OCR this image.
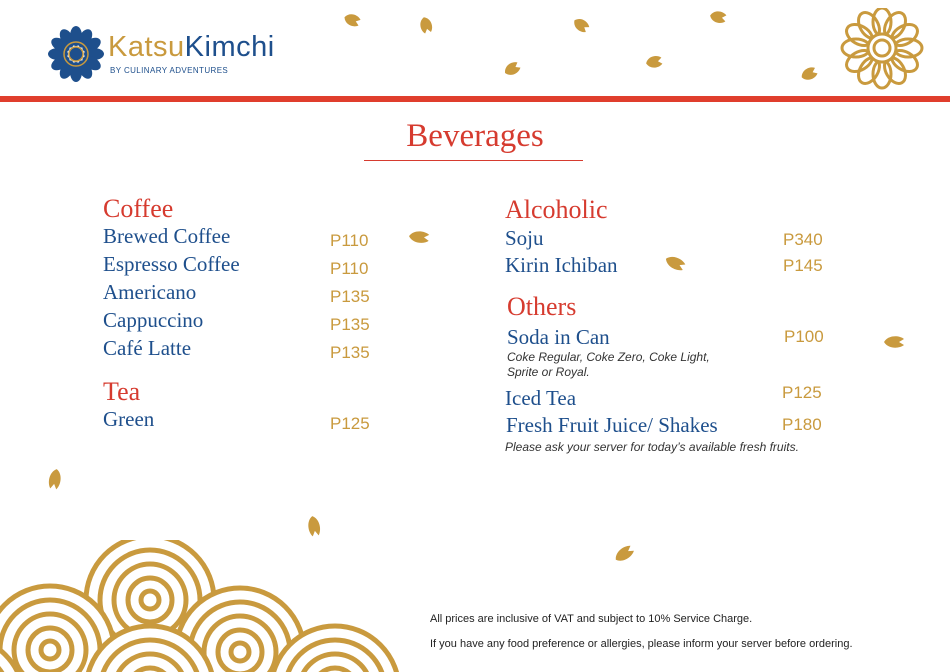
KatsuKimchi
BY CULINARY ADVENTURES
Beverages
Coffee
Brewed Coffee	P110
Espresso Coffee	P110
Americano	P135
Cappuccino	P135
Café Latte	P135
Tea
Green	P125
Alcoholic
Soju	P340
Kirin Ichiban	P145
Others
Soda in Can	P100
Coke Regular, Coke Zero, Coke Light,
Sprite or Royal.
Iced Tea	P125
Fresh Fruit Juice/ Shakes	P180
Please ask your server for today’s available fresh fruits.
All prices are inclusive of VAT and subject to 10% Service Charge.
If you have any food preference or allergies, please inform your server before ordering.
